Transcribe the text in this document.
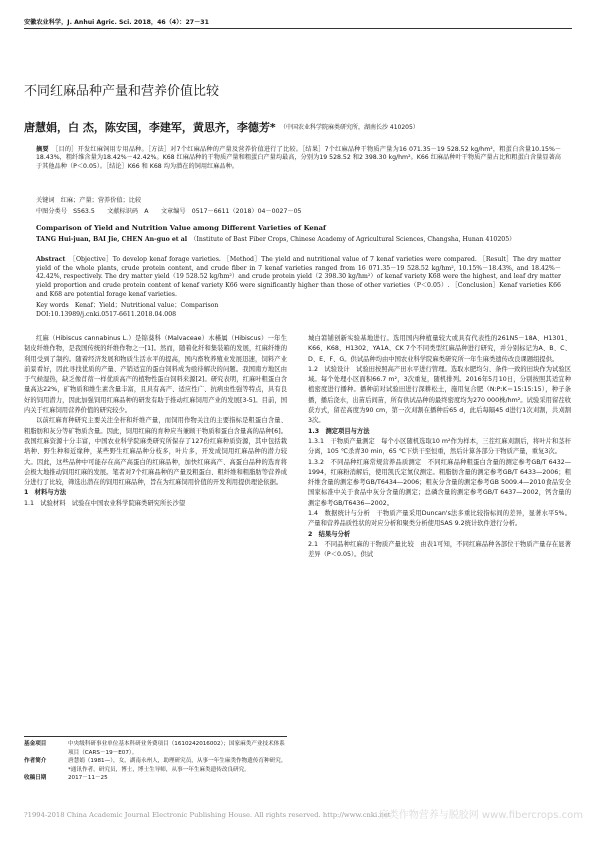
安徽农业科学，J. Anhui Agric. Sci. 2018，46（4）：27－31
不同红麻品种产量和营养价值比较
唐慧娟，白 杰，陈安国，李建军，黄思齐，李德芳* （中国农业科学院麻类研究所，湖南长沙 410205）
摘要　 ［目的］开发红麻饲用专用品种。［方法］对7个红麻品种的产量及营养价值进行了比较。［结果］7个红麻品种干物质产量为16 071.35－19 528.52 kg/hm²，粗蛋白含量10.15%－18.43%，粗纤维含量为18.42%－42.42%。K68 红麻品种的干物质产量和粗蛋白产量均最高，分别为19 528.52 和2 398.30 kg/hm²。K66 红麻品种叶干物质产量占比和粗蛋白含量显著高于其他品种（P＜0.05）。［结论］K66 和 K68 均为潜在的饲用红麻品种。
关键词　红麻；产量；营养价值；比较
中图分类号　S563.5　　文献标识码　A　　文章编号　0517－6611（2018）04－0027－05
Comparison of Yield and Nutrition Value among Different Varieties of Kenaf
TANG Hui-juan, BAI Jie, CHEN An-guo et al　 （Institute of Bast Fiber Crops, Chinese Academy of Agricultural Sciences, Changsha, Hunan 410205）
Abstract　 ［Objective］To develop kenaf forage varieties. ［Method］The yield and nutritional value of 7 kenaf varieties were compared. ［Result］The dry matter yield of the whole plants, crude protein content, and crude fiber in 7 kenaf varieties ranged from 16 071.35－19 528.52 kg/hm², 10.15%－18.43%, and 18.42%－42.42%, respectively. The dry matter yield（19 528.52 kg/hm²）and crude protein yield（2 398.30 kg/hm²）of kenaf variety K68 were the highest, and leaf dry matter yield proportion and crude protein content of kenaf variety K66 were significantly higher than those of other varieties（P＜0.05）. ［Conclusion］Kenaf varieties K66 and K68 are potential forage kenaf varieties.
Key words　Kenaf；Yield；Nutritional value；Comparison
DOI:10.13989/j.cnki.0517-6611.2018.04.008

红麻（Hibiscus cannabinus L.）是锦葵科（Malvaceae）木槿属（Hibiscus）一年生韧皮纤维作物，是我国传统的纤维作物之一[1]。然而，随着化纤和集装箱的发展，红麻纤维的利用受到了制约。随着经济发展和物质生活水平的提高，国内畜牧养殖业发展迅速，饲料产业前景看好，因此寻找优质的产量、产销适宜的蛋白饲料成为亟待解决的问题。我国南方地区由于气候湿热，缺乏像苜蓿一样优质高产的植物性蛋白饲料来源[2]。研究表明，红麻叶粗蛋白含量高达22%，矿物质和维生素含量丰富，且具有高产、适应性广、抗病虫性强等特点，具有良好的饲用潜力，因此加强饲用红麻品种的研发有助于推动红麻饲用产业的发展[3-5]。目前，国内关于红麻饲用营养价值的研究较少。

以前红麻育种研究主要关注全秆和纤维产量，而饲用作物关注的主要指标是粗蛋白含量、粗脂肪和灰分等矿物质含量。因此，饲用红麻的育种应当兼顾干物质和蛋白含量高的品种[6]。我国红麻资源十分丰富，中国农业科学院麻类研究所保存了127份红麻种质资源，其中包括栽培种、野生种和近缘种，某些野生红麻品种分枝多，叶片多，开发成饲用红麻品种的潜力较大。因此，这些品种中可能存在高产高蛋白的红麻品种，加快红麻高产、高蛋白品种的选育将会极大地推动饲用红麻的发展。笔者对7个红麻品种的产量及粗蛋白、粗纤维和粗脂肪等营养成分进行了比较，筛选出潜在的饲用红麻品种，旨在为红麻饲用价值的开发利用提供理论依据。

1　材料与方法

1.1　试验材料　试验在中国农业科学院麻类研究所长沙望

城白箬铺创新实验基地进行。选用国内种植量较大或具有代表性的261N5－18A、H1301、K66、K68、H1302、YA1A、CK 7个不同类型红麻品种进行研究，并分别标记为A、B、C、D、E、F、G。供试品种均由中国农业科学院麻类研究所一年生麻类遗传改良课题组提供。

1.2　试验设计　试验田按照高产田水平进行管理。选取水肥均匀、条件一致的田块作为试验区域。每个处理小区面积66.7 m²，3次重复，随机排列。2016年5月10日，分别按照其适宜种植密度进行播种。播种前对试验田进行深耕松土，施用复合肥（N:P:K＝15:15:15），种子条播，播后浇水，出苗后间苗，所有供试品种的最终密度均为270 000株/hm²。试验采用留茬收获方式，留茬高度为90 cm，第一次刈割在播种后65 d，此后每隔45 d进行1次刈割，共刈割3次。

1.3　测定项目与方法

1.3.1　干物质产量测定　每个小区随机选取10 m²作为样本，三茬红麻刈割后，将叶片和茎秆分离，105 ℃杀青30 min，65 ℃下烘干至恒重，然后计算各部分干物质产量，重复3次。

1.3.2　不同品种红麻常规营养品质测定　不同红麻品种粗蛋白含量的测定参考GB/T 6432—1994，红麻粉消解后，使用凯氏定氮仪测定。粗脂肪含量的测定参考GB/T 6433—2006；粗纤维含量的测定参考GB/T6434—2006；粗灰分含量的测定参考GB 5009.4—2010食品安全国家标准中关于食品中灰分含量的测定；总磷含量的测定参考GB/T 6437—2002，钙含量的测定参考GB/T6436—2002。

1.4　数据统计与分析　干物质产量采用Duncan's法多重比较指标间的差异，显著水平5%。产量和营养品质性状的对应分析和聚类分析使用SAS 9.2统计软件进行分析。

2　结果与分析

2.1　不同品种红麻的干物质产量比较　由表1可知，不同红麻品种各部位干物质产量存在显著差异（P＜0.05）。供试

基金项目	中央级科研事业单位基本科研业务费项目（1610242016002）；国家麻类产业技术体系项目（CARS－19－E07）。
作者简介	唐慧娟（1981—），女，湖南永州人，助理研究员，从事一年生麻类作物遗传育种研究。*通讯作者，研究员，博士，博士生导师，从事一年生麻类遗传改良研究。
收稿日期	2017－11－25
?1994-2018 China Academic Journal Electronic Publishing House. All rights reserved. http://www.cnki.net
麻类作物营养与脱胶网 www.fibercrops.com
